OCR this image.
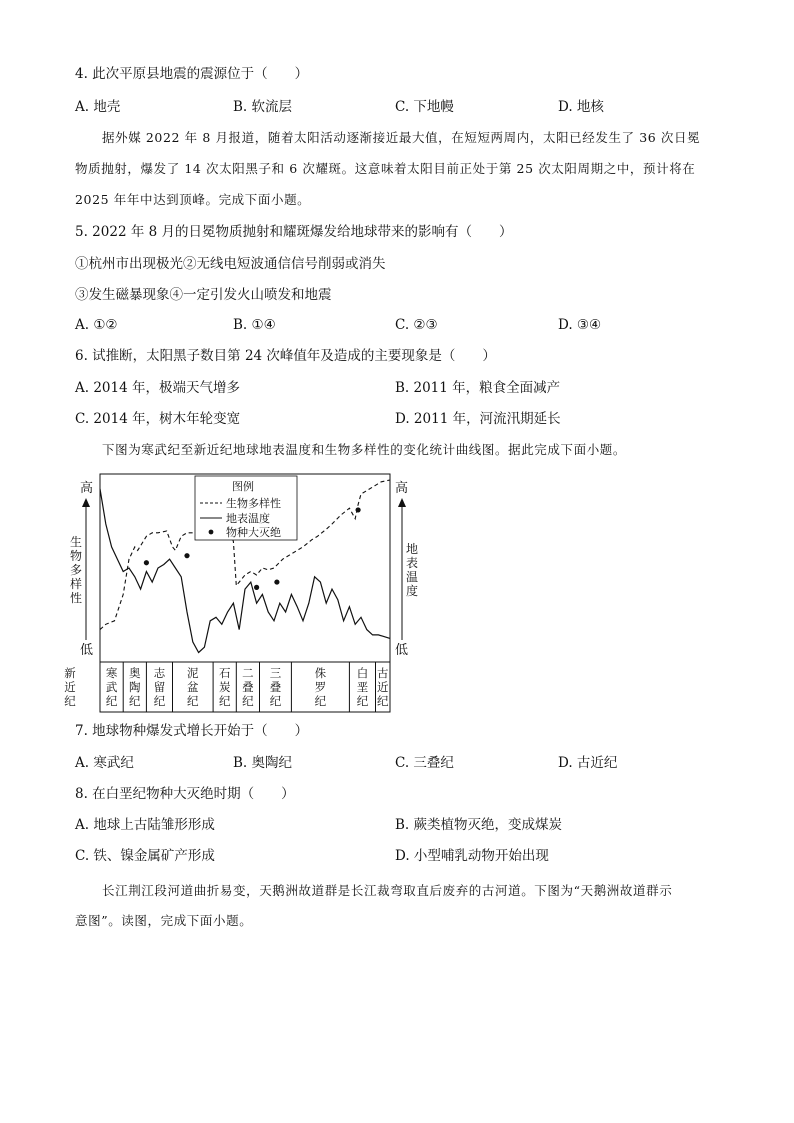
4. 此次平原县地震的震源位于（　　）
A. 地壳	B. 软流层	C. 下地幔	D. 地核
据外媒 2022 年 8 月报道，随着太阳活动逐渐接近最大值，在短短两周内，太阳已经发生了 36 次日冕
物质抛射，爆发了 14 次太阳黑子和 6 次耀斑。这意味着太阳目前正处于第 25 次太阳周期之中，预计将在
2025 年年中达到顶峰。完成下面小题。
5. 2022 年 8 月的日冕物质抛射和耀斑爆发给地球带来的影响有（　　）
①杭州市出现极光②无线电短波通信信号削弱或消失
③发生磁暴现象④一定引发火山喷发和地震
A. ①②	B. ①④	C. ②③	D. ③④
6. 试推断，太阳黑子数目第 24 次峰值年及造成的主要现象是（　　）
A. 2014 年，极端天气增多	B. 2011 年，粮食全面减产
C. 2014 年，树木年轮变宽	D. 2011 年，河流汛期延长
下图为寒武纪至新近纪地球地表温度和生物多样性的变化统计曲线图。据此完成下面小题。
高
低
高
低
生
物
多
样
性
地
表
温
度
寒
武
纪
奥
陶
纪
志
留
纪
泥
盆
纪
石
炭
纪
二
叠
纪
三
叠
纪
侏
罗
纪
白
垩
纪
古
近
纪
新
近
纪
图例
生物多样性
地表温度
物种大灭绝
7. 地球物种爆发式增长开始于（　　）
A. 寒武纪	B. 奥陶纪	C. 三叠纪	D. 古近纪
8. 在白垩纪物种大灭绝时期（　　）
A. 地球上古陆雏形形成	B. 蕨类植物灭绝，变成煤炭
C. 铁、镍金属矿产形成	D. 小型哺乳动物开始出现
长江荆江段河道曲折易变，天鹅洲故道群是长江裁弯取直后废弃的古河道。下图为“天鹅洲故道群示
意图”。读图，完成下面小题。
